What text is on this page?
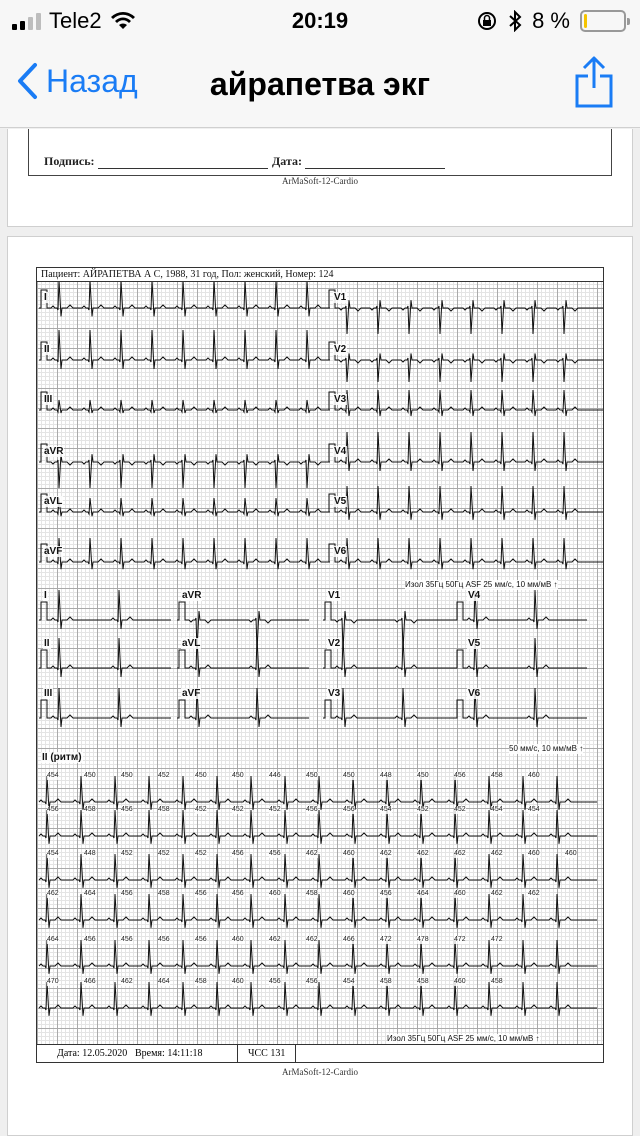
Tele2	20:19	8 %
Назад	айрапетва экг
Подпись:	Дата:
ArMaSoft-12-Cardio
Пациент: АЙРАПЕТВА А С, 1988, 31 год, Пол: женский, Номер: 124
I	V1
II	V2
III	V3
aVR	V4
aVL	V5
aVF	V6
Изол 35Гц 50Гц ASF 25 мм/с, 10 мм/мВ ↑
I
II
III
aVR
aVL
aVF
V1
V2
V3
V4
V5
V6
50 мм/с, 10 мм/мВ ↑
II (ритм)
454	450	450	452	450	450	446	450	450	448	450	456	458	460
456	458	456	458	452	452	452	456	456	454	452	452	454	454
454	448	452	452	452	456	456	462	460	462	462	462	462	460	460
462	464	456	458	456	456	460	458	460	456	464	460	462	462
464	456	456	456	456	460	462	462	466	472	478	472	472
470	466	462	464	458	460	456	456	454	458	458	460	458
Изол 35Гц 50Гц ASF 25 мм/с, 10 мм/мВ ↑
Дата: 12.05.2020 Время: 14:11:18	ЧСС 131
ArMaSoft-12-Cardio
